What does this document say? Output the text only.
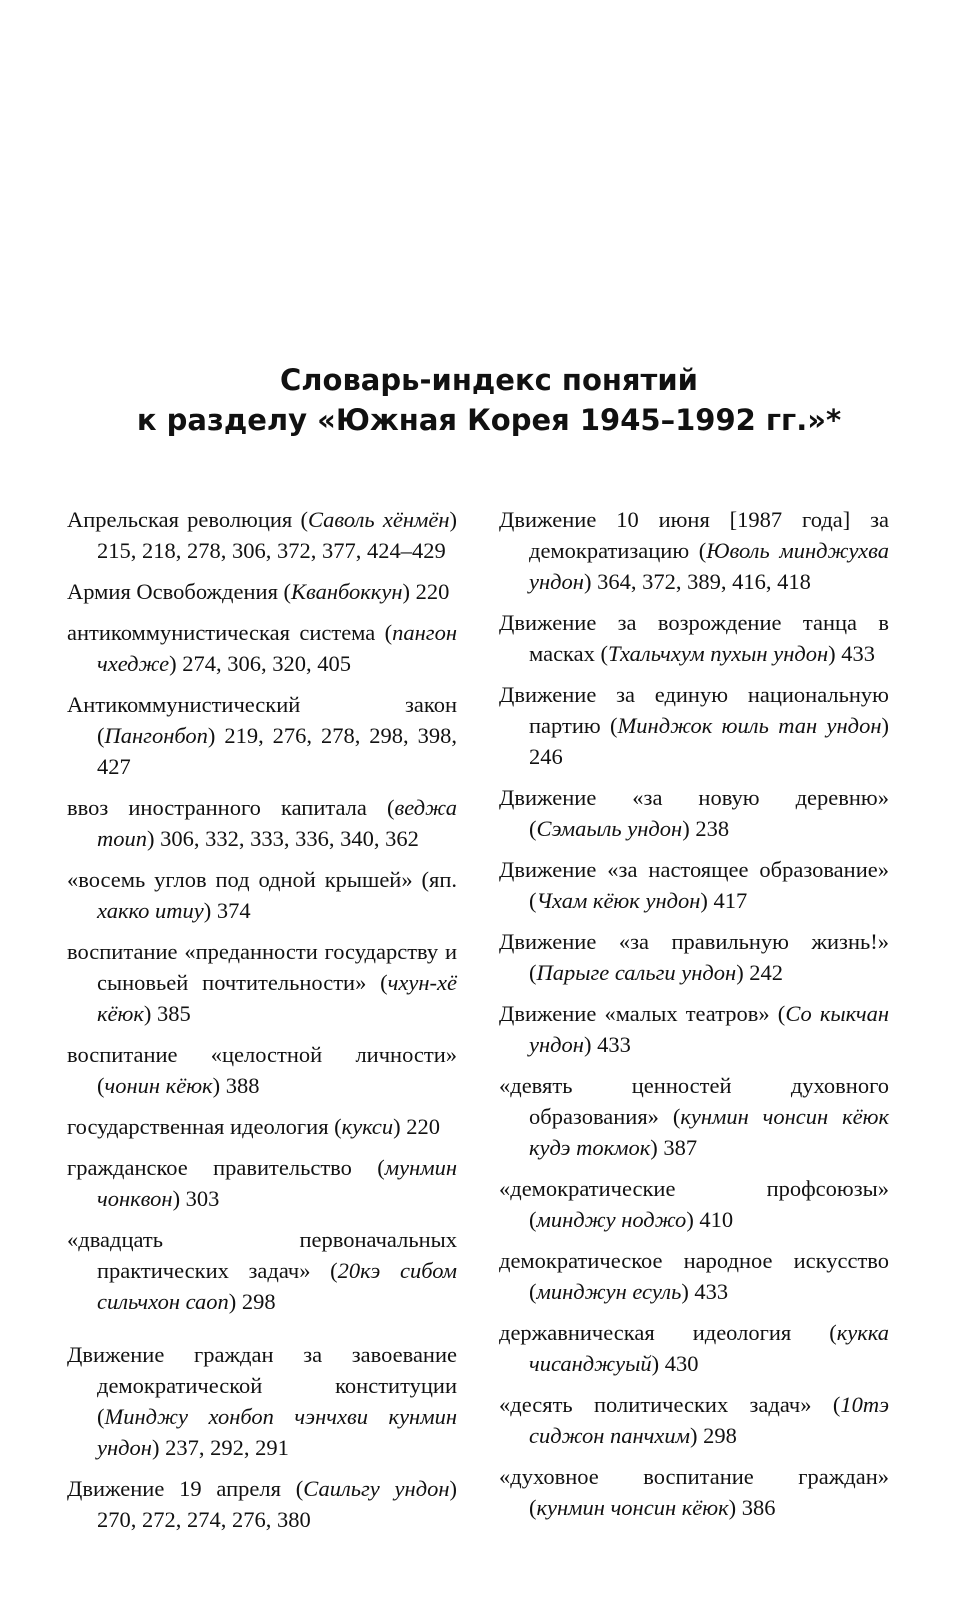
Словарь-индекс понятий
к разделу «Южная Корея 1945–1992 гг.»*

Апрельская революция (Саволь хёнмён) 215, 218, 278, 306, 372, 377, 424–429

Армия Освобождения (Кванбоккун) 220

антикоммунистическая система (пангон чхедже) 274, 306, 320, 405

Антикоммунистический закон (Пангонбоп) 219, 276, 278, 298, 398, 427

ввоз иностранного капитала (веджа тоип) 306, 332, 333, 336, 340, 362

«восемь углов под одной крышей» (яп. хакко итиу) 374

воспитание «преданности государству и сыновьей почтительности» (чхун-хё кёюк) 385

воспитание «целостной личности» (чонин кёюк) 388

государственная идеология (кукси) 220

гражданское правительство (мунмин чонквон) 303

«двадцать первоначальных практических задач» (20кэ сибом сильчхон саоп) 298

Движение граждан за завоевание демократической конституции (Минджу хонбоп чэнчхви кунмин ундон) 237, 292, 291

Движение 19 апреля (Саильгу ундон) 270, 272, 274, 276, 380

Движение 10 июня [1987 года] за демократизацию (Юволь минджухва ундон) 364, 372, 389, 416, 418

Движение за возрождение танца в масках (Тхальчхум пухын ундон) 433

Движение за единую национальную партию (Минджок юиль тан ундон) 246

Движение «за новую деревню» (Сэмаыль ундон) 238

Движение «за настоящее образование» (Чхам кёюк ундон) 417

Движение «за правильную жизнь!» (Парыге сальги ундон) 242

Движение «малых театров» (Со кыкчан ундон) 433

«девять ценностей духовного образования» (кунмин чонсин кёюк кудэ токмок) 387

«демократические профсоюзы» (минджу ноджо) 410

демократическое народное искусство (минджун есуль) 433

державническая идеология (кукка чисанджуый) 430

«десять политических задач» (10тэ сиджон панчхим) 298

«духовное воспитание граждан» (кунмин чонсин кёюк) 386
